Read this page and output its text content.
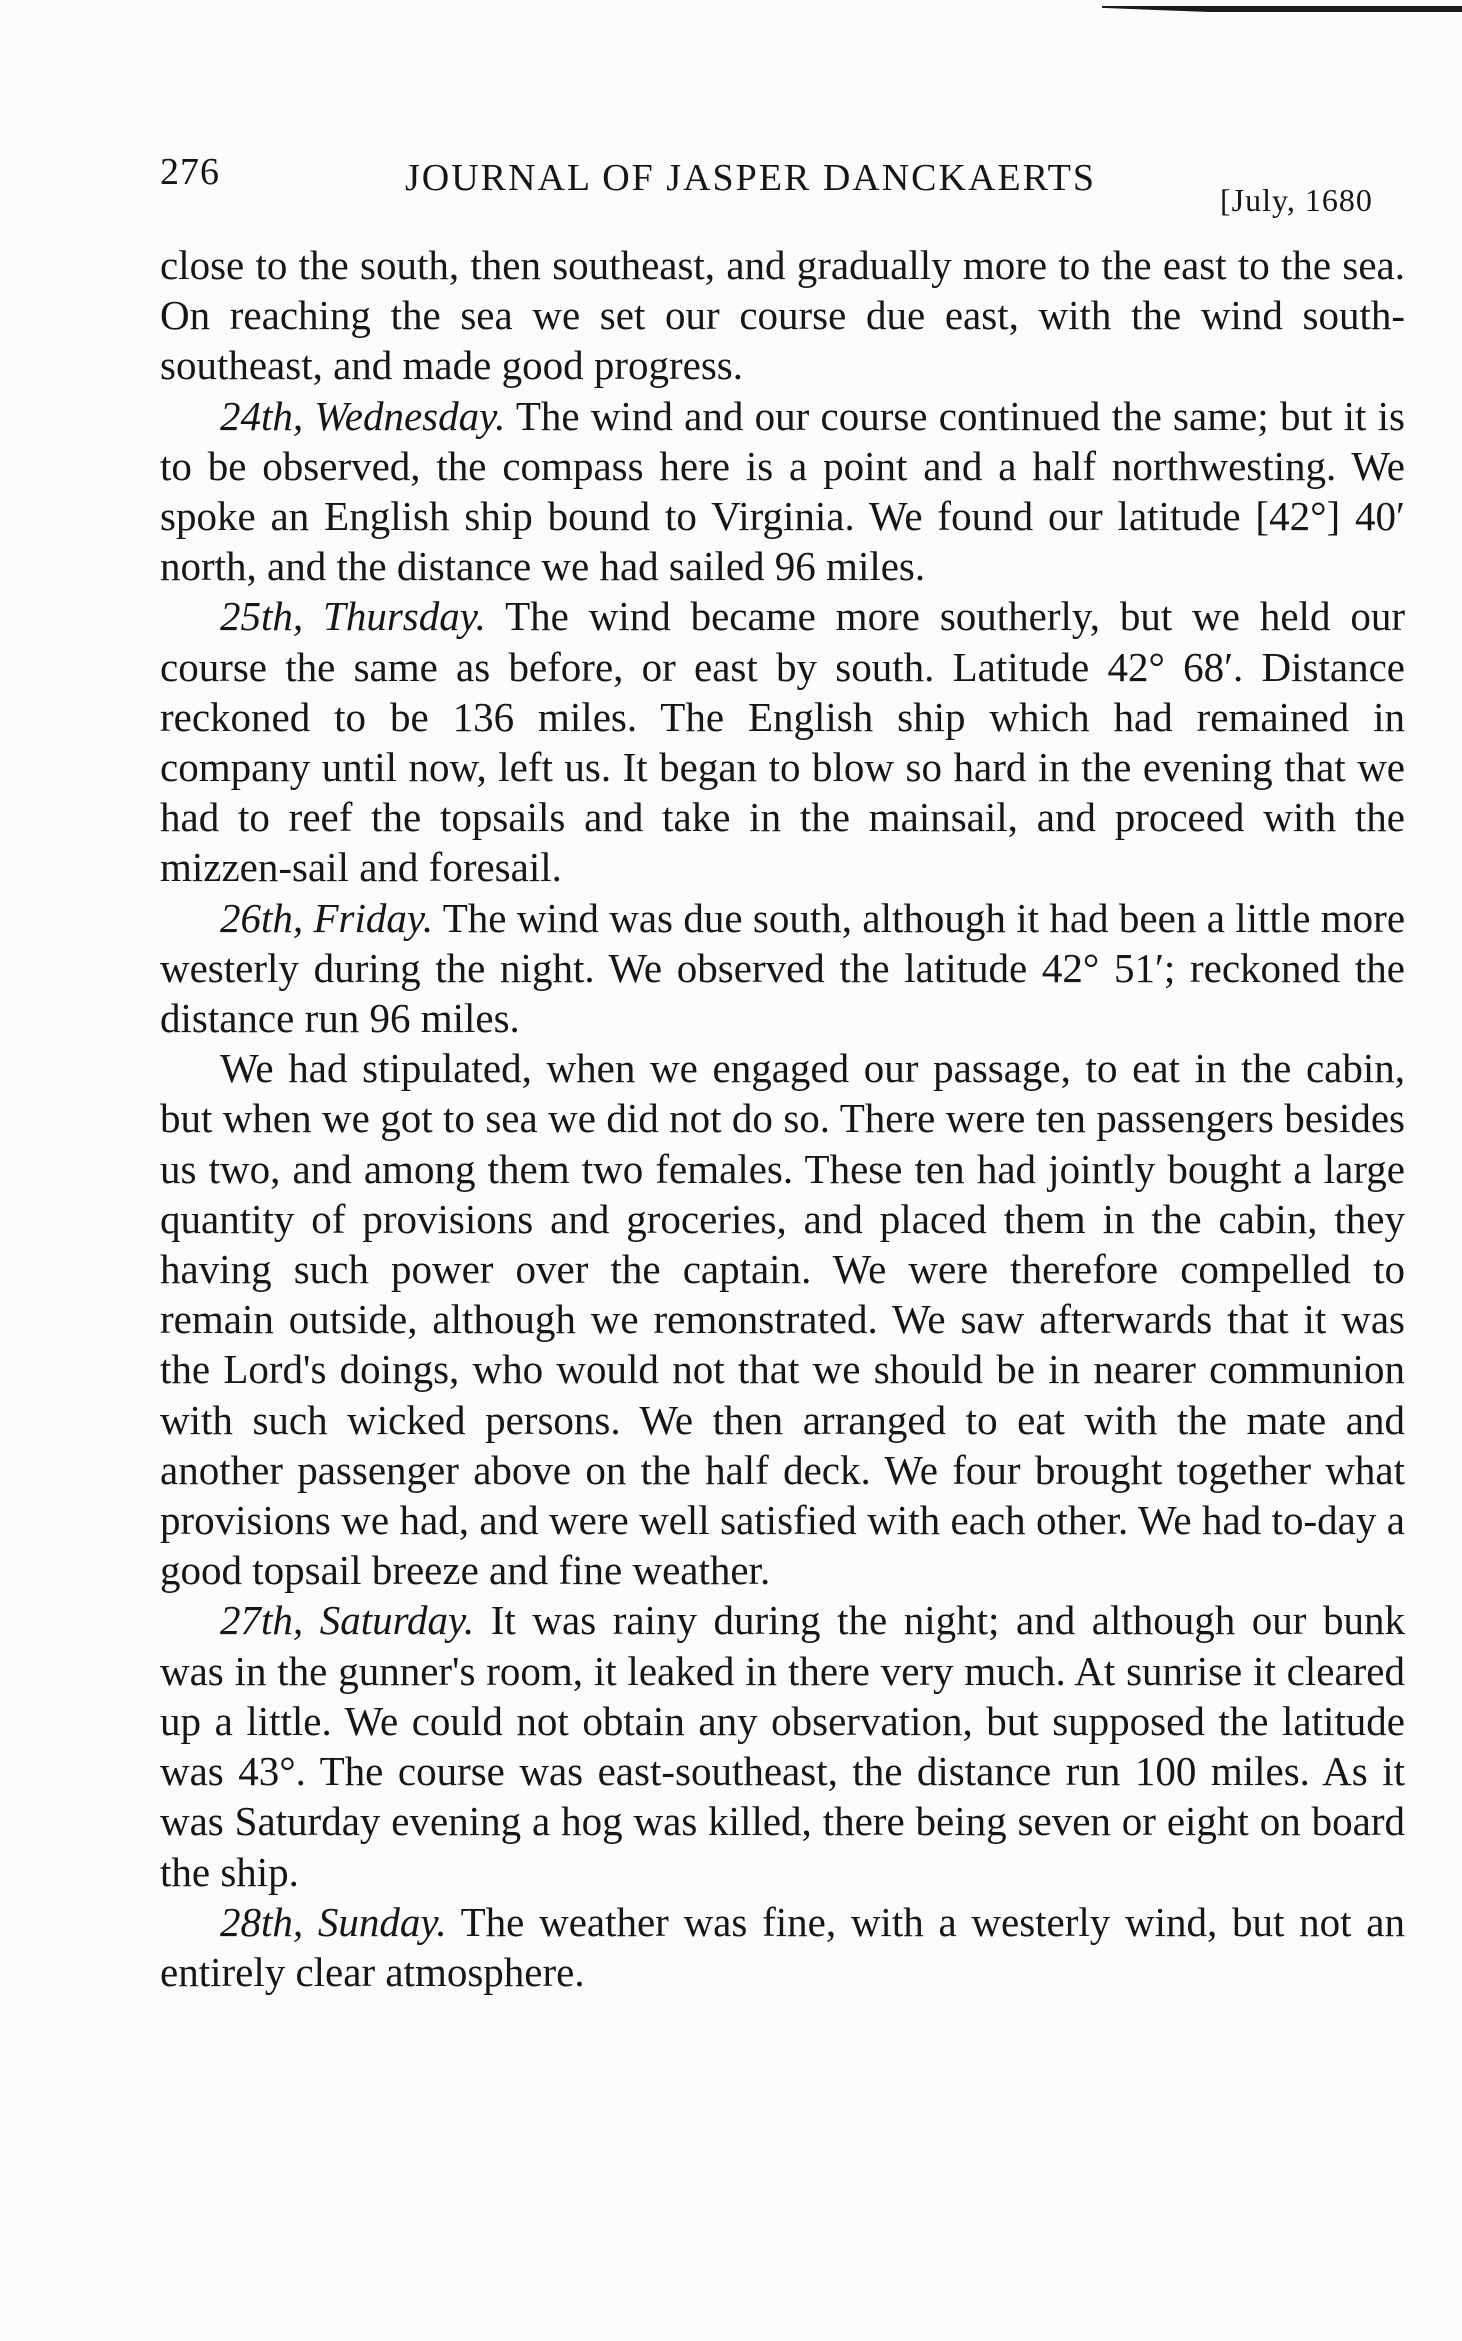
276	JOURNAL OF JASPER DANCKAERTS
[July, 1680

close to the south, then southeast, and gradually more to the east to the sea. On reaching the sea we set our course due east, with the wind south-southeast, and made good progress.

24th, Wednesday. The wind and our course continued the same; but it is to be observed, the compass here is a point and a half northwesting. We spoke an English ship bound to Virginia. We found our latitude [42°] 40′ north, and the distance we had sailed 96 miles.

25th, Thursday. The wind became more southerly, but we held our course the same as before, or east by south. Latitude 42° 68′. Distance reckoned to be 136 miles. The English ship which had remained in company until now, left us. It began to blow so hard in the evening that we had to reef the topsails and take in the mainsail, and proceed with the mizzen-sail and foresail.

26th, Friday. The wind was due south, although it had been a little more westerly during the night. We observed the latitude 42° 51′; reckoned the distance run 96 miles.

We had stipulated, when we engaged our passage, to eat in the cabin, but when we got to sea we did not do so. There were ten passengers besides us two, and among them two females. These ten had jointly bought a large quantity of provisions and groceries, and placed them in the cabin, they having such power over the captain. We were therefore compelled to remain outside, although we remonstrated. We saw afterwards that it was the Lord's doings, who would not that we should be in nearer communion with such wicked persons. We then arranged to eat with the mate and another passenger above on the half deck. We four brought together what provisions we had, and were well satisfied with each other. We had to-day a good topsail breeze and fine weather.

27th, Saturday. It was rainy during the night; and although our bunk was in the gunner's room, it leaked in there very much. At sunrise it cleared up a little. We could not obtain any observation, but supposed the latitude was 43°. The course was east-southeast, the distance run 100 miles. As it was Saturday evening a hog was killed, there being seven or eight on board the ship.

28th, Sunday. The weather was fine, with a westerly wind, but not an entirely clear atmosphere.
